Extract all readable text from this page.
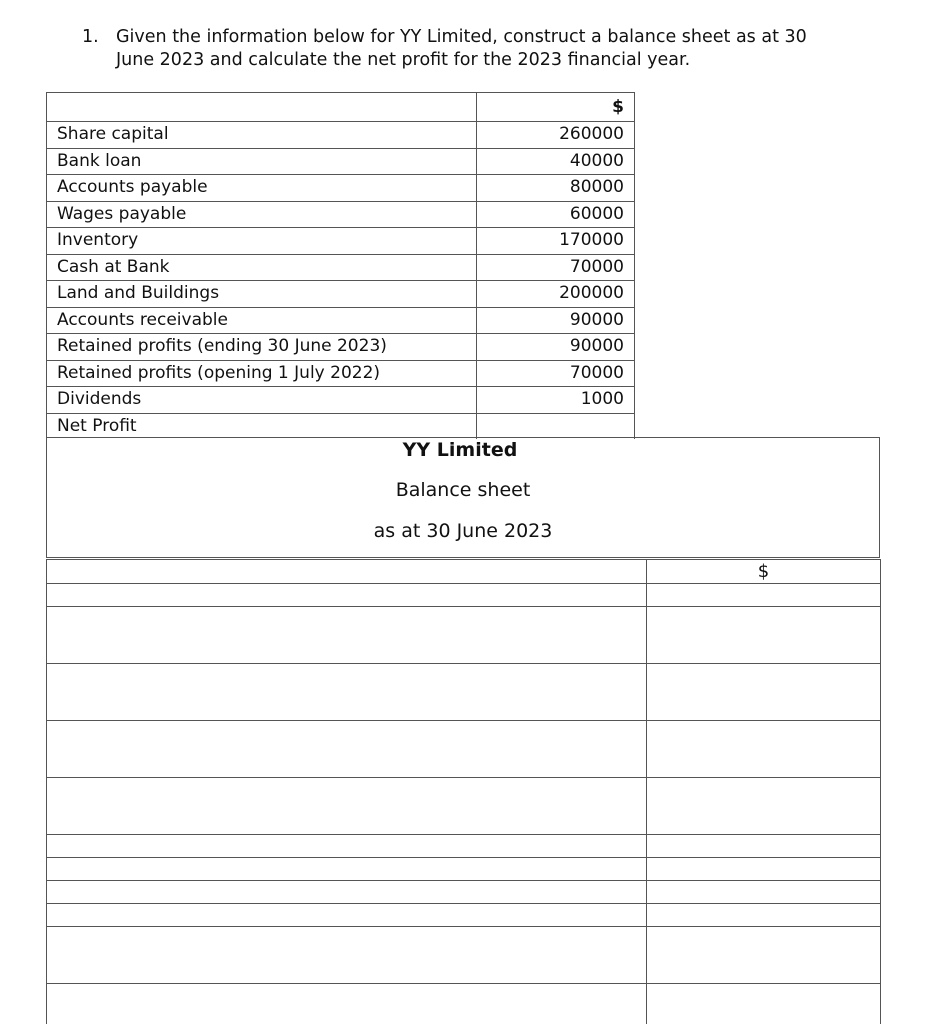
1. Given the information below for YY Limited, construct a balance sheet as at 30
June 2023 and calculate the net profit for the 2023 financial year.
	$
Share capital	260000
Bank loan	40000
Accounts payable	80000
Wages payable	60000
Inventory	170000
Cash at Bank	70000
Land and Buildings	200000
Accounts receivable	90000
Retained profits (ending 30 June 2023)	90000
Retained profits (opening 1 July 2022)	70000
Dividends	1000
Net Profit	
YY Limited
Balance sheet
as at 30 June 2023
	$
